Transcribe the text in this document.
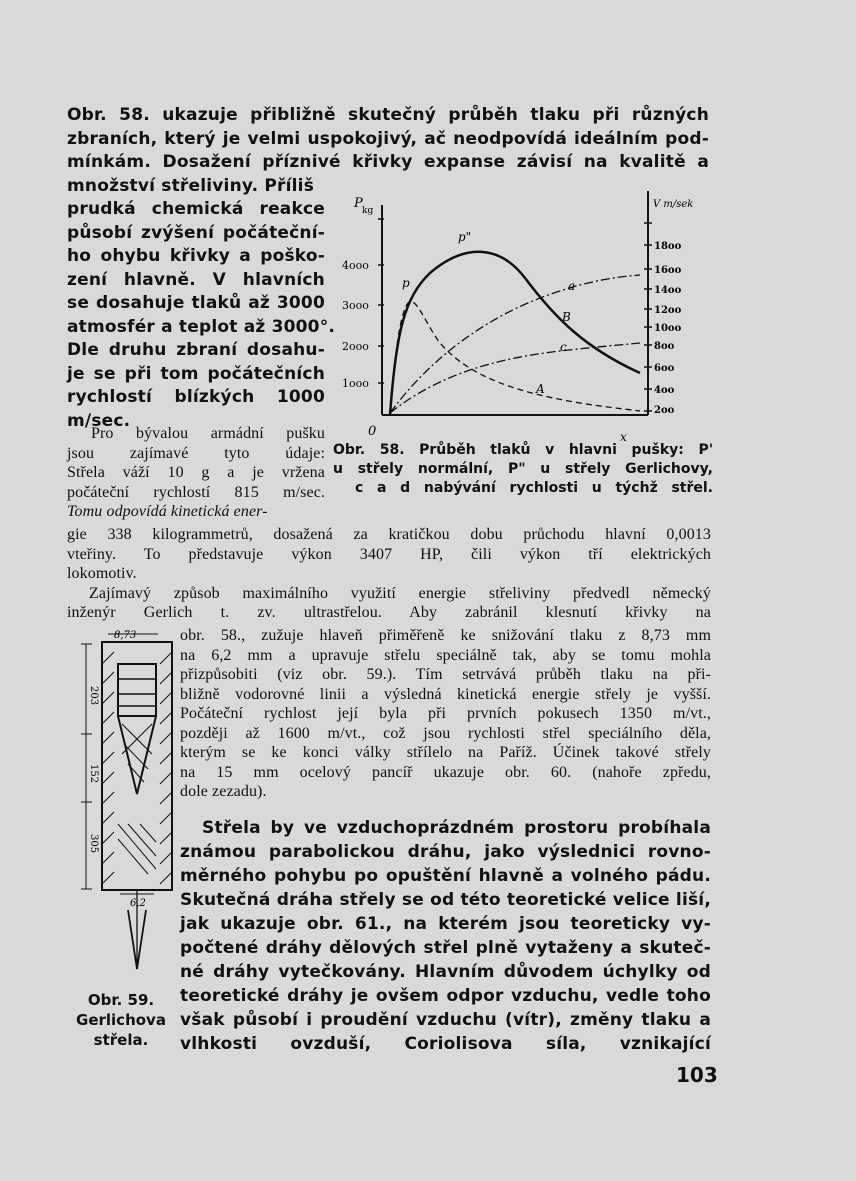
Obr. 58. ukazuje přibližně skutečný průběh tlaku při různých
zbraních, který je velmi uspokojivý, ač neodpovídá ideálním pod-
mínkám. Dosažení příznivé křivky expanse závisí na kvalitě a
množství střeliviny. Příliš
prudká chemická reakce
působí zvýšení počáteční-
ho ohybu křivky a poško-
zení hlavně. V hlavních
se dosahuje tlaků až 3000
atmosfér a teplot až 3000°.
Dle druhu zbraní dosahu-
je se při tom počátečních
rychlostí blízkých 1000
m/sec.
Pro bývalou armádní pušku
jsou zajímavé tyto údaje:
Střela váží 10 g a je vržena
počáteční rychlostí 815 m/sec.
Tomu odpovídá kinetická ener-
P kg
1ooo
2ooo
3ooo
4ooo
V m/sek
2oo
4oo
6oo
8oo
10oo
12oo
14oo
16oo
18oo
0	x
p
p"
a
B
c
A
Obr. 58. Průběh tlaků v hlavni pušky: P'
u střely normální, P" u střely Gerlichovy,
c a d nabývání rychlosti u týchž střel.
gie 338 kilogrammetrů, dosažená za kratičkou dobu průchodu hlavní 0,0013
vteřiny. To představuje výkon 3407 HP, čili výkon tří elektrických
lokomotiv.
Zajímavý způsob maximálního využití energie střeliviny předvedl německý
inženýr Gerlich t. zv. ultrastřelou. Aby zabránil klesnutí křivky na
8,73
203
152
305
6,2
Obr. 59.
Gerlichova
střela.
obr. 58., zužuje hlaveň přiměřeně ke snižování tlaku z 8,73 mm
na 6,2 mm a upravuje střelu speciálně tak, aby se tomu mohla
přizpůsobiti (viz obr. 59.). Tím setrvává průběh tlaku na při-
bližně vodorovné linii a výsledná kinetická energie střely je vyšší.
Počáteční rychlost její byla při prvních pokusech 1350 m/vt.,
později až 1600 m/vt., což jsou rychlosti střel speciálního děla,
kterým se ke konci války střílelo na Paříž. Účinek takové střely
na 15 mm ocelový pancíř ukazuje obr. 60. (nahoře zpředu,
dole zezadu).
Střela by ve vzduchoprázdném prostoru probíhala
známou parabolickou dráhu, jako výslednici rovno-
měrného pohybu po opuštění hlavně a volného pádu.
Skutečná dráha střely se od této teoretické velice liší,
jak ukazuje obr. 61., na kterém jsou teoreticky vy-
počtené dráhy dělových střel plně vytaženy a skuteč-
né dráhy vytečkovány. Hlavním důvodem úchylky od
teoretické dráhy je ovšem odpor vzduchu, vedle toho
však působí i proudění vzduchu (vítr), změny tlaku a
vlhkosti ovzduší, Coriolisova síla, vznikající
103
